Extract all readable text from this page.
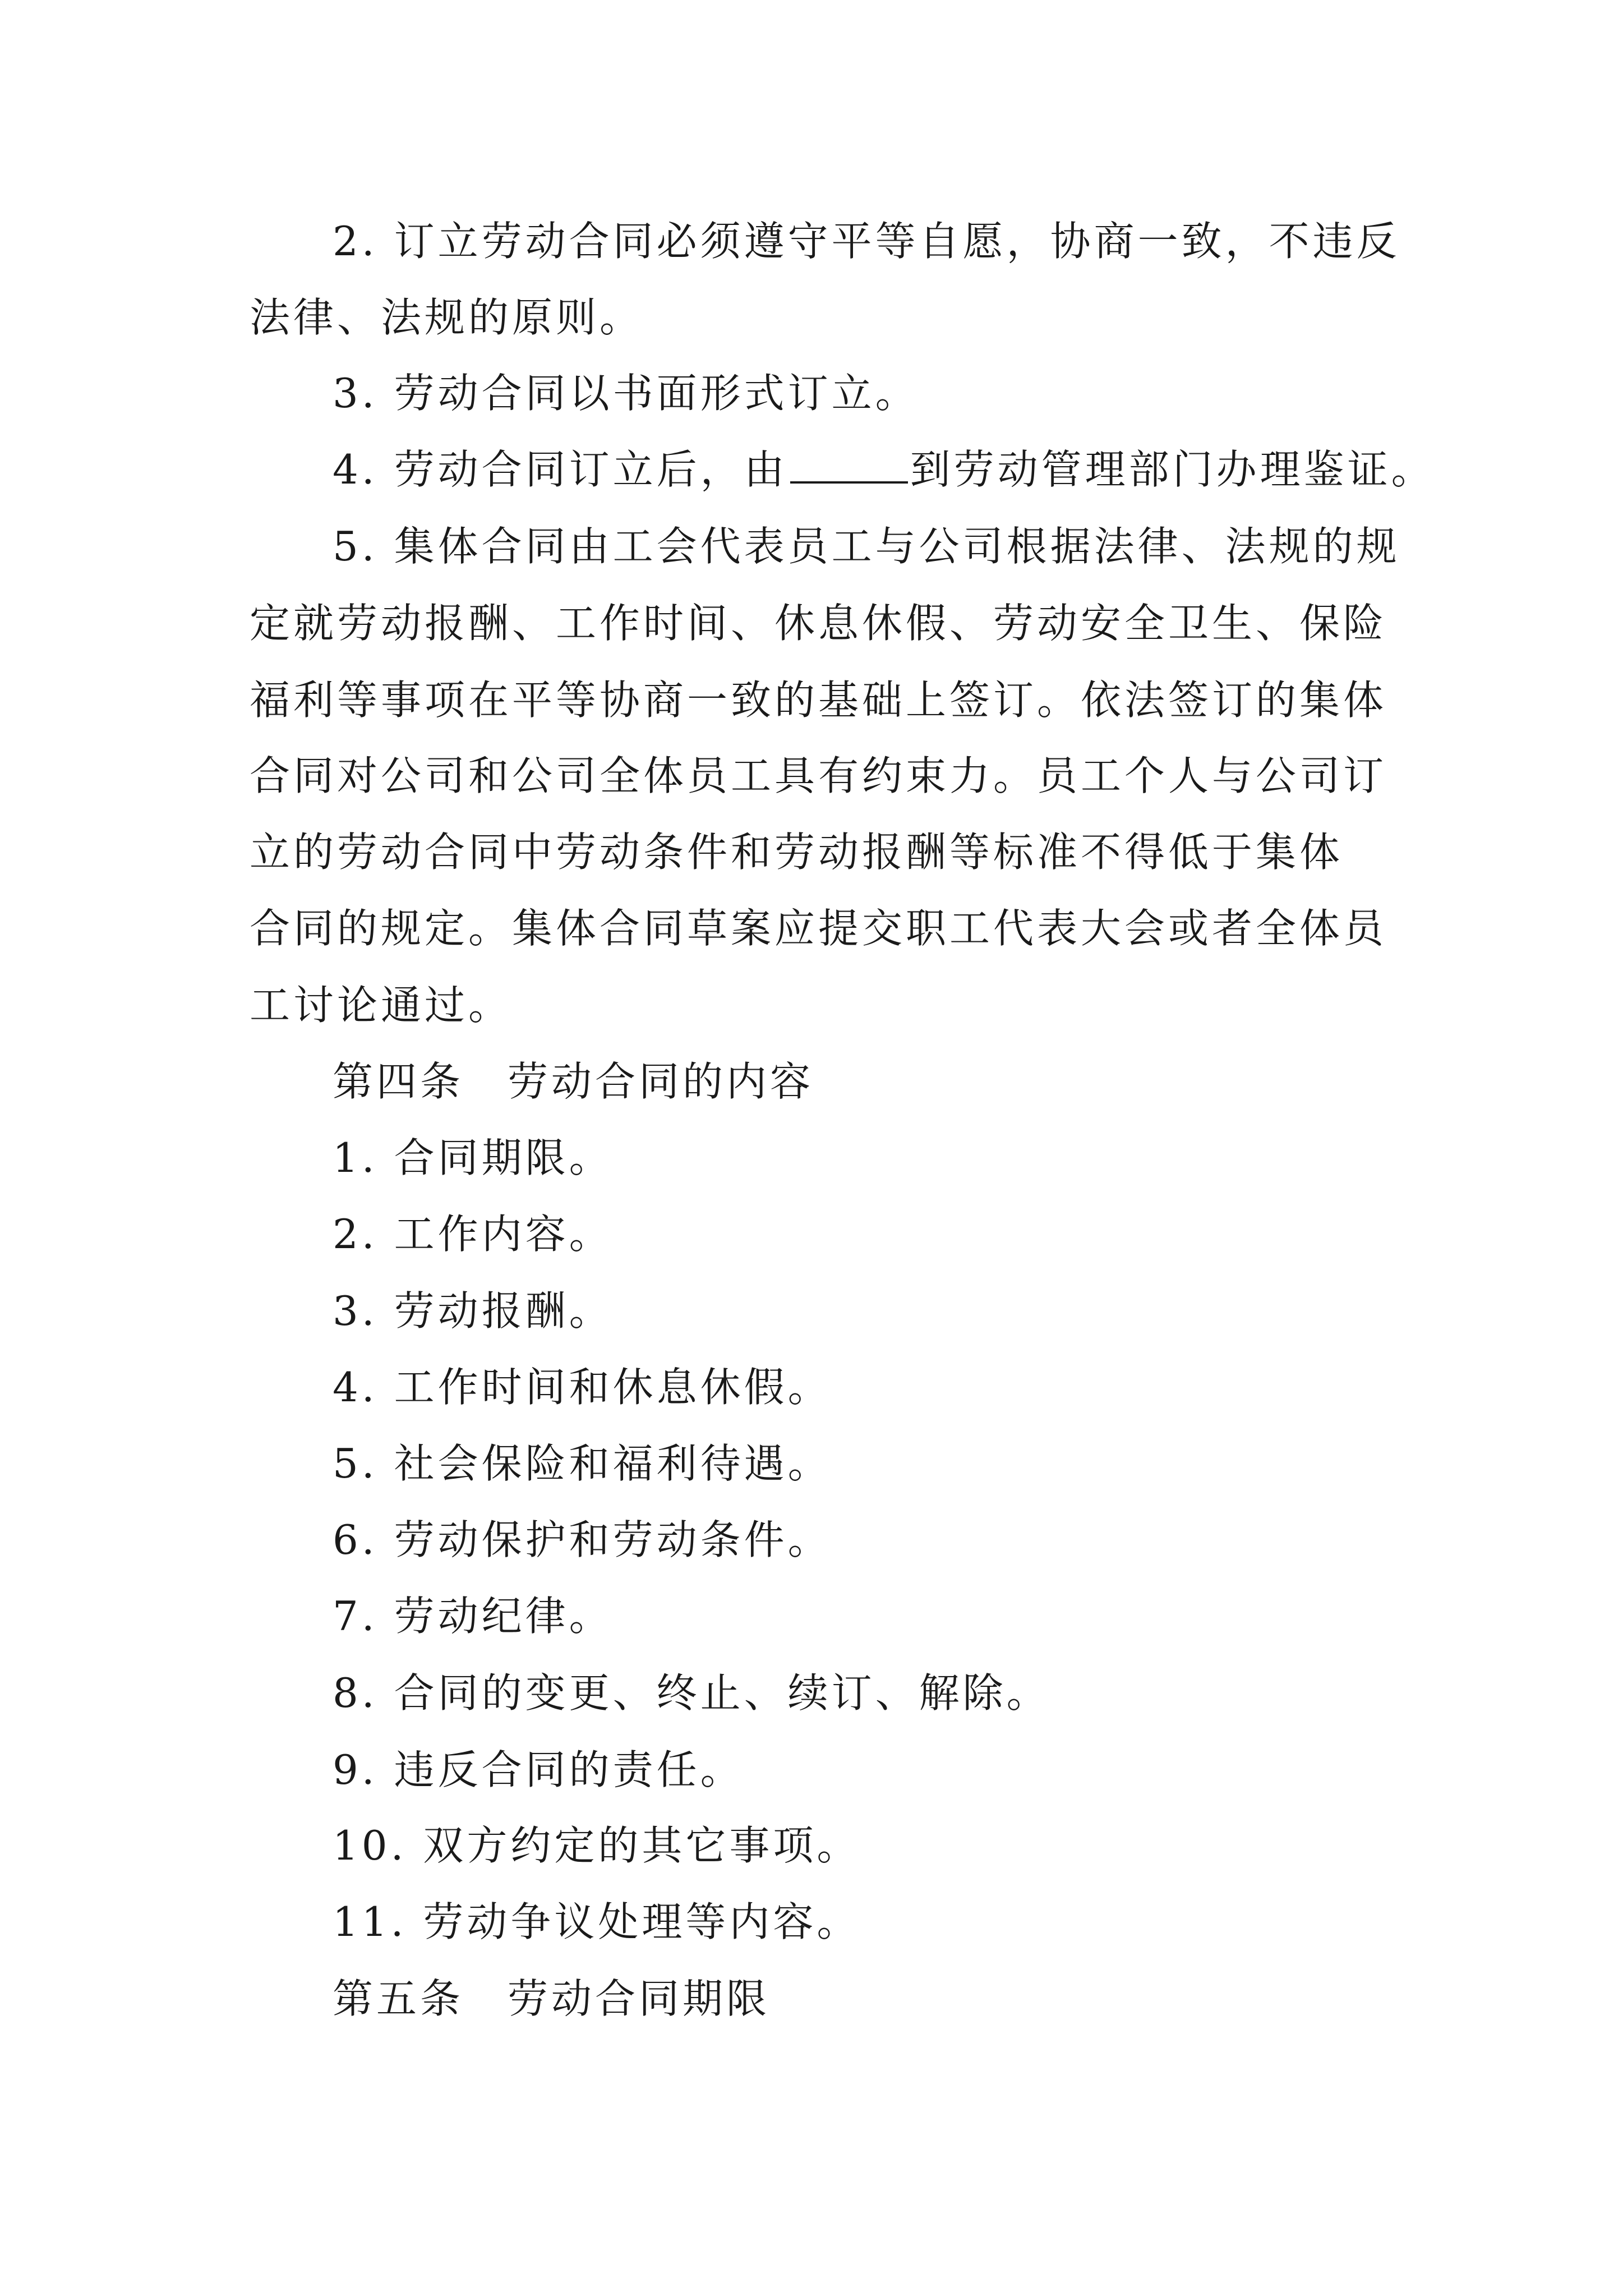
2. 订立劳动合同必须遵守平等自愿，协商一致，不违反

法律、法规的原则。

3. 劳动合同以书面形式订立。

4. 劳动合同订立后，由	到劳动管理部门办理鉴证。

5. 集体合同由工会代表员工与公司根据法律、法规的规

定就劳动报酬、工作时间、休息休假、劳动安全卫生、保险

福利等事项在平等协商一致的基础上签订。依法签订的集体

合同对公司和公司全体员工具有约束力。员工个人与公司订

立的劳动合同中劳动条件和劳动报酬等标准不得低于集体

合同的规定。集体合同草案应提交职工代表大会或者全体员

工讨论通过。

第四条　劳动合同的内容

1. 合同期限。

2. 工作内容。

3. 劳动报酬。

4. 工作时间和休息休假。

5. 社会保险和福利待遇。

6. 劳动保护和劳动条件。

7. 劳动纪律。

8. 合同的变更、终止、续订、解除。

9. 违反合同的责任。

10. 双方约定的其它事项。

11. 劳动争议处理等内容。

第五条　劳动合同期限
